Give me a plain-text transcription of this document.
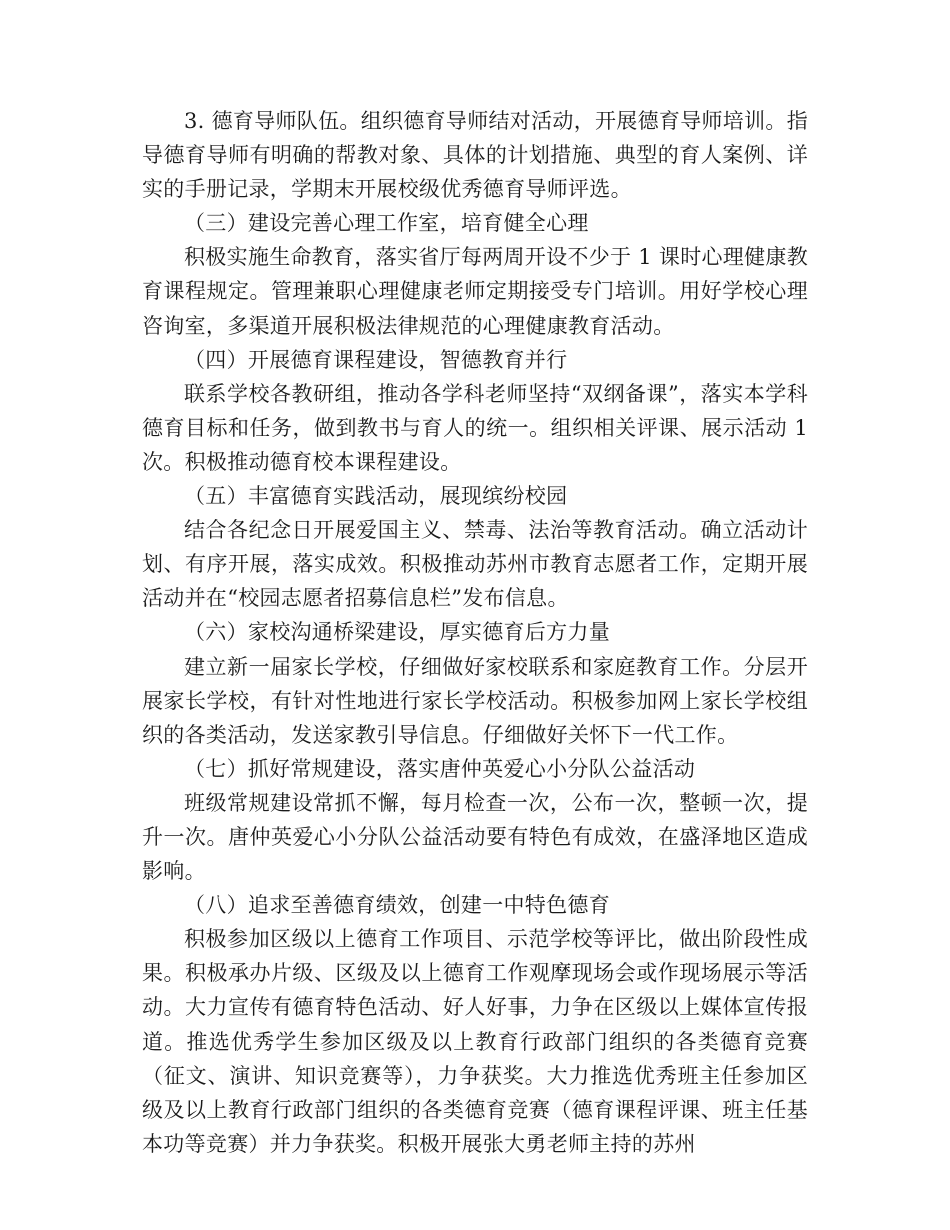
3. 德育导师队伍。组织德育导师结对活动，开展德育导师培训。指导德育导师有明确的帮教对象、具体的计划措施、典型的育人案例、详实的手册记录，学期末开展校级优秀德育导师评选。

（三）建设完善心理工作室，培育健全心理

积极实施生命教育，落实省厅每两周开设不少于 1 课时心理健康教育课程规定。管理兼职心理健康老师定期接受专门培训。用好学校心理咨询室，多渠道开展积极法律规范的心理健康教育活动。

（四）开展德育课程建设，智德教育并行

联系学校各教研组，推动各学科老师坚持“双纲备课”，落实本学科德育目标和任务，做到教书与育人的统一。组织相关评课、展示活动 1 次。积极推动德育校本课程建设。

（五）丰富德育实践活动，展现缤纷校园

结合各纪念日开展爱国主义、禁毒、法治等教育活动。确立活动计划、有序开展，落实成效。积极推动苏州市教育志愿者工作，定期开展活动并在“校园志愿者招募信息栏”发布信息。

（六）家校沟通桥梁建设，厚实德育后方力量

建立新一届家长学校，仔细做好家校联系和家庭教育工作。分层开展家长学校，有针对性地进行家长学校活动。积极参加网上家长学校组织的各类活动，发送家教引导信息。仔细做好关怀下一代工作。

（七）抓好常规建设，落实唐仲英爱心小分队公益活动

班级常规建设常抓不懈，每月检查一次，公布一次，整顿一次，提升一次。唐仲英爱心小分队公益活动要有特色有成效，在盛泽地区造成影响。

（八）追求至善德育绩效，创建一中特色德育

积极参加区级以上德育工作项目、示范学校等评比，做出阶段性成果。积极承办片级、区级及以上德育工作观摩现场会或作现场展示等活动。大力宣传有德育特色活动、好人好事，力争在区级以上媒体宣传报道。推选优秀学生参加区级及以上教育行政部门组织的各类德育竞赛（征文、演讲、知识竞赛等），力争获奖。大力推选优秀班主任参加区级及以上教育行政部门组织的各类德育竞赛（德育课程评课、班主任基本功等竞赛）并力争获奖。积极开展张大勇老师主持的苏州
